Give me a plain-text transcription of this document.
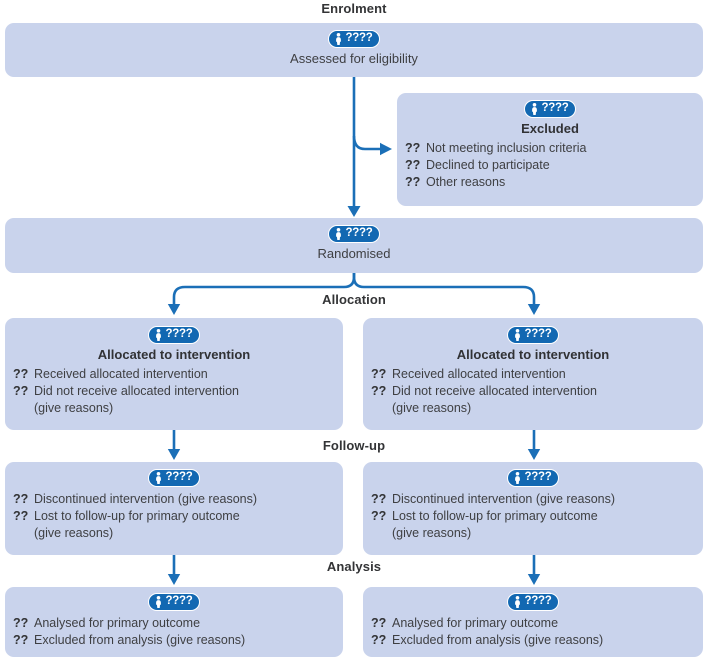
Enrolment
????
Assessed for eligibility
????
Excluded
?? Not meeting inclusion criteria
?? Declined to participate
?? Other reasons
????
Randomised
Allocation
????
Allocated to intervention
?? Received allocated intervention
?? Did not receive allocated intervention
(give reasons)
????
Allocated to intervention
?? Received allocated intervention
?? Did not receive allocated intervention
(give reasons)
Follow-up
????
?? Discontinued intervention (give reasons)
?? Lost to follow-up for primary outcome
(give reasons)
????
?? Discontinued intervention (give reasons)
?? Lost to follow-up for primary outcome
(give reasons)
Analysis
????
?? Analysed for primary outcome
?? Excluded from analysis (give reasons)
????
?? Analysed for primary outcome
?? Excluded from analysis (give reasons)
